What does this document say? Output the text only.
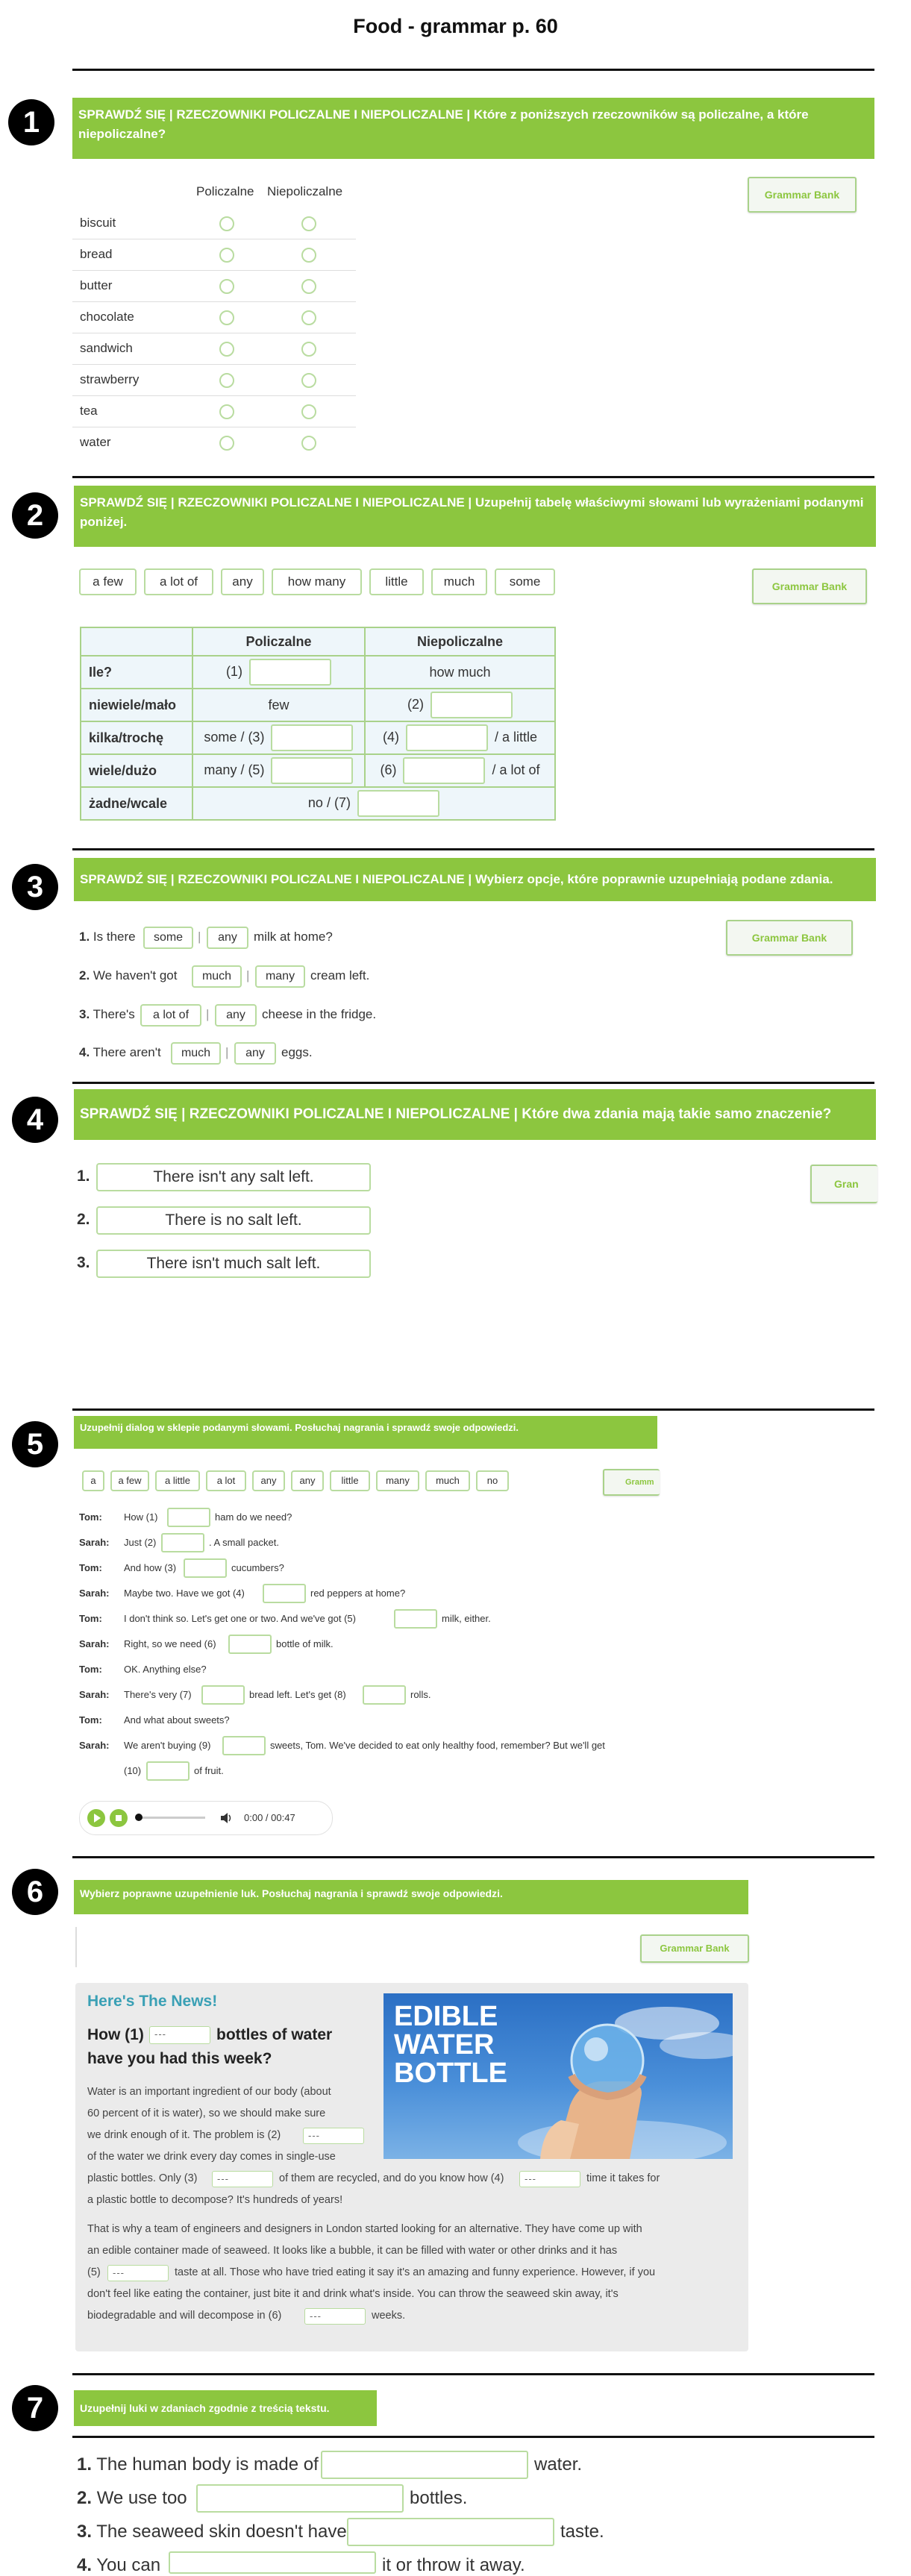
Food - grammar p. 60
1	SPRAWDŹ SIĘ | RZECZOWNIKI POLICZALNE I NIEPOLICZALNE | Które z poniższych rzeczowników są policzalne, a które niepoliczalne?
Grammar Bank
Policzalne Niepoliczalne
biscuit
bread
butter
chocolate
sandwich
strawberry
tea
water
2	SPRAWDŹ SIĘ | RZECZOWNIKI POLICZALNE I NIEPOLICZALNE | Uzupełnij tabelę właściwymi słowami lub wyrażeniami podanymi poniżej.
a few	a lot of	any	how many	little	much	some	Grammar Bank
	Policzalne	Niepoliczalne
Ile?	(1)	how much
niewiele/mało	few	(2)
kilka/trochę	some / (3)	(4) / a little
wiele/dużo	many / (5)	(6) / a lot of
żadne/wcale	no / (7)	
3	SPRAWDŹ SIĘ | RZECZOWNIKI POLICZALNE I NIEPOLICZALNE | Wybierz opcje, które poprawnie uzupełniają podane zdania.
Grammar Bank
1. Is there	some	|	any	milk at home?
2. We haven't got	much	|	many	cream left.
3. There's	a lot of	|	any	cheese in the fridge.
4. There aren't	much	|	any	eggs.
4	SPRAWDŹ SIĘ | RZECZOWNIKI POLICZALNE I NIEPOLICZALNE | Które dwa zdania mają takie samo znaczenie?
Gran
1.	There isn't any salt left.
2.	There is no salt left.
3.	There isn't much salt left.
5
Uzupełnij dialog w sklepie podanymi słowami. Posłuchaj nagrania i sprawdź swoje odpowiedzi.
Gramm
a	a few	a little	a lot	any	any	little	many	much	no
Tom: How (1)	ham do we need?
Sarah: Just (2)	. A small packet.
Tom: And how (3)	cucumbers?
Sarah: Maybe two. Have we got (4)	red peppers at home?
Tom: I don't think so. Let's get one or two. And we've got (5)	milk, either.
Sarah: Right, so we need (6)	bottle of milk.
Tom: OK. Anything else?
Sarah: There's very (7)	bread left. Let's get (8)	rolls.
Tom: And what about sweets?
Sarah: We aren't buying (9)	sweets, Tom. We've decided to eat only healthy food, remember? But we'll get
(10)	of fruit.
0:00 / 00:47
6	Wybierz poprawne uzupełnienie luk. Posłuchaj nagrania i sprawdź swoje odpowiedzi.
Grammar Bank
Here's The News!
How (1)	---	bottles of water
have you had this week?
EDIBLE
WATER
BOTTLE
Water is an important ingredient of our body (about
60 percent of it is water), so we should make sure
we drink enough of it. The problem is (2)	---
of the water we drink every day comes in single-use
plastic bottles. Only (3)	---	of them are recycled, and do you know how (4)	---	time it takes for
a plastic bottle to decompose? It's hundreds of years!
That is why a team of engineers and designers in London started looking for an alternative. They have come up with
an edible container made of seaweed. It looks like a bubble, it can be filled with water or other drinks and it has
(5)	---	taste at all. Those who have tried eating it say it's an amazing and funny experience. However, if you
don't feel like eating the container, just bite it and drink what's inside. You can throw the seaweed skin away, it's
biodegradable and will decompose in (6)	---	weeks.
7	Uzupełnij luki w zdaniach zgodnie z treścią tekstu.
1. The human body is made of	water.
2. We use too	bottles.
3. The seaweed skin doesn't have	taste.
4. You can	it or throw it away.
